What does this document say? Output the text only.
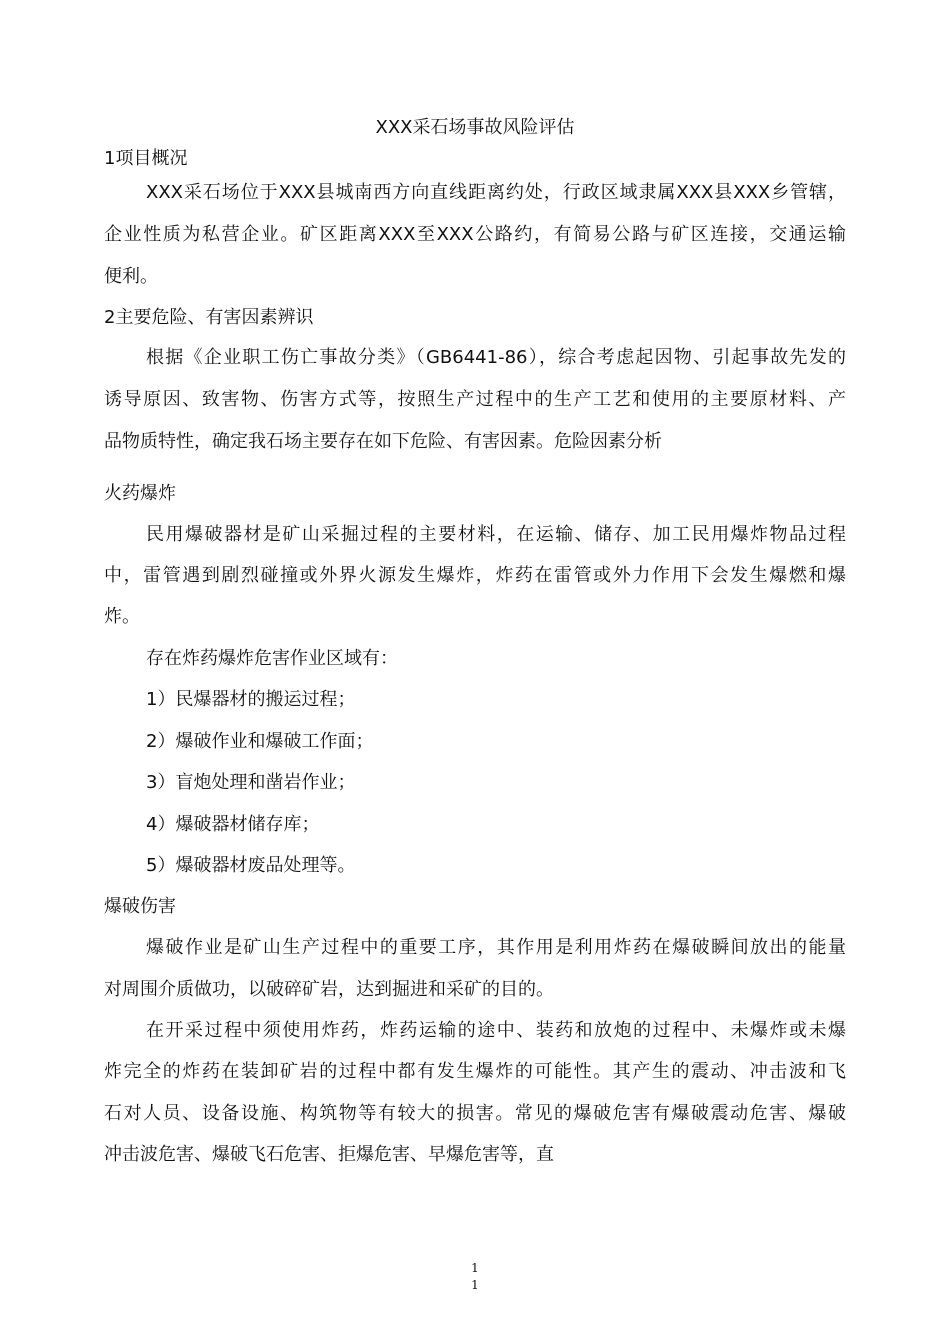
XXX采石场事故风险评估
1项目概况
XXX采石场位于XXX县城南西方向直线距离约处，行政区域隶属XXX县XXX乡管辖，
企业性质为私营企业。矿区距离XXX至XXX公路约，有简易公路与矿区连接，交通运输
便利。
2主要危险、有害因素辨识
根据《企业职工伤亡事故分类》（GB6441-86），综合考虑起因物、引起事故先发的
诱导原因、致害物、伤害方式等，按照生产过程中的生产工艺和使用的主要原材料、产
品物质特性，确定我石场主要存在如下危险、有害因素。危险因素分析
火药爆炸
民用爆破器材是矿山采掘过程的主要材料，在运输、储存、加工民用爆炸物品过程
中，雷管遇到剧烈碰撞或外界火源发生爆炸，炸药在雷管或外力作用下会发生爆燃和爆
炸。
存在炸药爆炸危害作业区域有：
1）民爆器材的搬运过程；
2）爆破作业和爆破工作面；
3）盲炮处理和凿岩作业；
4）爆破器材储存库；
5）爆破器材废品处理等。
爆破伤害
爆破作业是矿山生产过程中的重要工序，其作用是利用炸药在爆破瞬间放出的能量
对周围介质做功，以破碎矿岩，达到掘进和采矿的目的。
在开采过程中须使用炸药，炸药运输的途中、装药和放炮的过程中、未爆炸或未爆
炸完全的炸药在装卸矿岩的过程中都有发生爆炸的可能性。其产生的震动、冲击波和飞
石对人员、设备设施、构筑物等有较大的损害。常见的爆破危害有爆破震动危害、爆破
冲击波危害、爆破飞石危害、拒爆危害、早爆危害等，直
1
1
